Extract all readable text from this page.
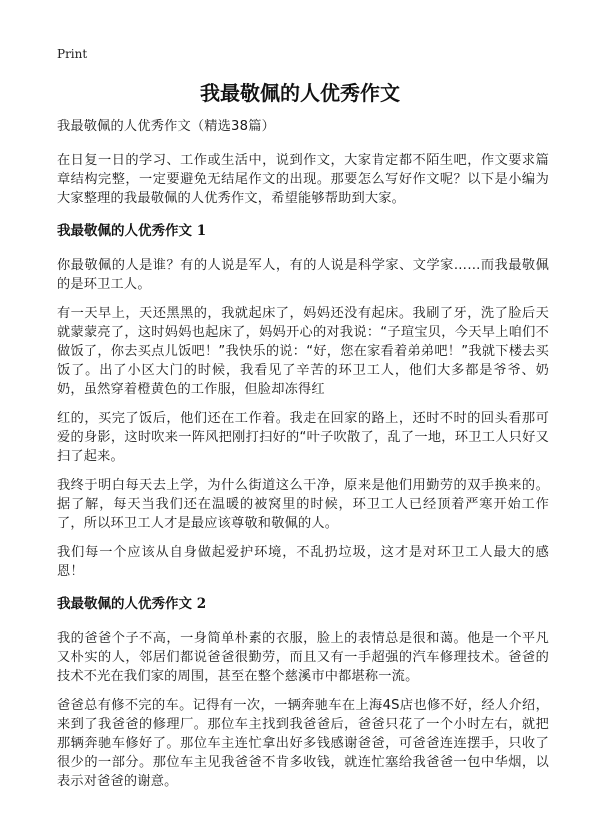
Print
我最敬佩的人优秀作文

我最敬佩的人优秀作文（精选38篇）

在日复一日的学习、工作或生活中，说到作文，大家肯定都不陌生吧，作文要求篇章结构完整，一定要避免无结尾作文的出现。那要怎么写好作文呢？以下是小编为大家整理的我最敬佩的人优秀作文，希望能够帮助到大家。

我最敬佩的人优秀作文 1

你最敬佩的人是谁？有的人说是军人，有的人说是科学家、文学家……而我最敬佩的是环卫工人。

有一天早上，天还黑黑的，我就起床了，妈妈还没有起床。我刷了牙，洗了脸后天就蒙蒙亮了，这时妈妈也起床了，妈妈开心的对我说：“子瑄宝贝，今天早上咱们不做饭了，你去买点儿饭吧！”我快乐的说：“好，您在家看着弟弟吧！”我就下楼去买饭了。出了小区大门的时候，我看见了辛苦的环卫工人，他们大多都是爷爷、奶奶，虽然穿着橙黄色的工作服，但脸却冻得红

红的，买完了饭后，他们还在工作着。我走在回家的路上，还时不时的回头看那可爱的身影，这时吹来一阵风把刚打扫好的“叶子吹散了，乱了一地，环卫工人只好又扫了起来。

我终于明白每天去上学，为什么街道这么干净，原来是他们用勤劳的双手换来的。据了解，每天当我们还在温暖的被窝里的时候，环卫工人已经顶着严寒开始工作了，所以环卫工人才是最应该尊敬和敬佩的人。

我们每一个应该从自身做起爱护环境，不乱扔垃圾，这才是对环卫工人最大的感恩！

我最敬佩的人优秀作文 2

我的爸爸个子不高，一身简单朴素的衣服，脸上的表情总是很和蔼。他是一个平凡又朴实的人，邻居们都说爸爸很勤劳，而且又有一手超强的汽车修理技术。爸爸的技术不光在我们家的周围，甚至在整个慈溪市中都堪称一流。

爸爸总有修不完的车。记得有一次，一辆奔驰车在上海4S店也修不好，经人介绍，来到了我爸爸的修理厂。那位车主找到我爸爸后，爸爸只花了一个小时左右，就把那辆奔驰车修好了。那位车主连忙拿出好多钱感谢爸爸，可爸爸连连摆手，只收了很少的一部分。那位车主见我爸爸不肯多收钱，就连忙塞给我爸爸一包中华烟，以表示对爸爸的谢意。
